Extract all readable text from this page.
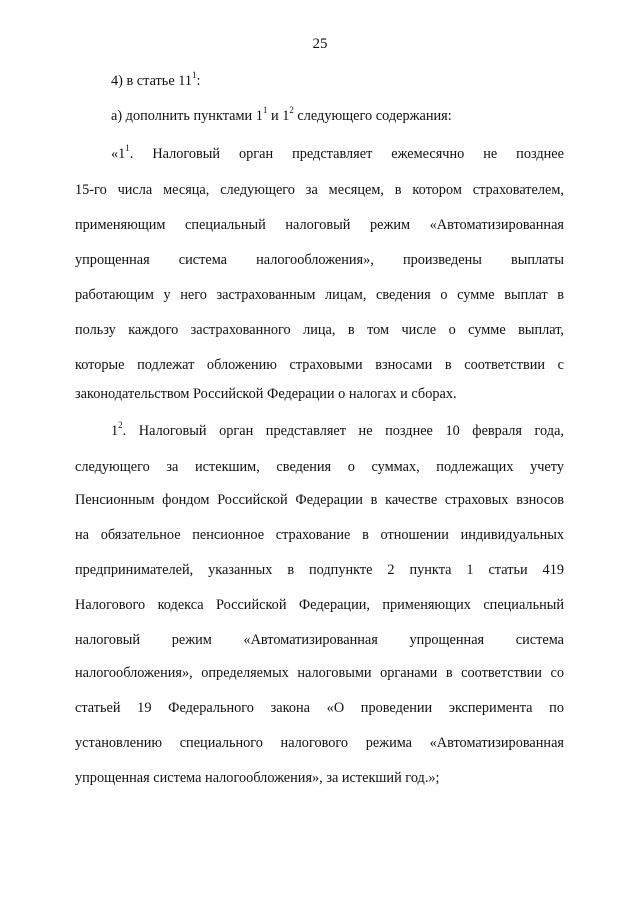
25
4) в статье $11^1$:
а) дополнить пунктами $1^1$ и $1^2$ следующего содержания:
«$1^1$. Налоговый орган представляет ежемесячно не позднее
15-го числа месяца, следующего за месяцем, в котором страхователем,
применяющим специальный налоговый режим «Автоматизированная
упрощенная система налогообложения», произведены выплаты
работающим у него застрахованным лицам, сведения о сумме выплат в
пользу каждого застрахованного лица, в том числе о сумме выплат,
которые подлежат обложению страховыми взносами в соответствии с
законодательством Российской Федерации о налогах и сборах.
$1^2$. Налоговый орган представляет не позднее 10 февраля года,
следующего за истекшим, сведения о суммах, подлежащих учету
Пенсионным фондом Российской Федерации в качестве страховых взносов
на обязательное пенсионное страхование в отношении индивидуальных
предпринимателей, указанных в подпункте 2 пункта 1 статьи 419
Налогового кодекса Российской Федерации, применяющих специальный
налоговый режим «Автоматизированная упрощенная система
налогообложения», определяемых налоговыми органами в соответствии со
статьей 19 Федерального закона «О проведении эксперимента по
установлению специального налогового режима «Автоматизированная
упрощенная система налогообложения», за истекший год.»;
